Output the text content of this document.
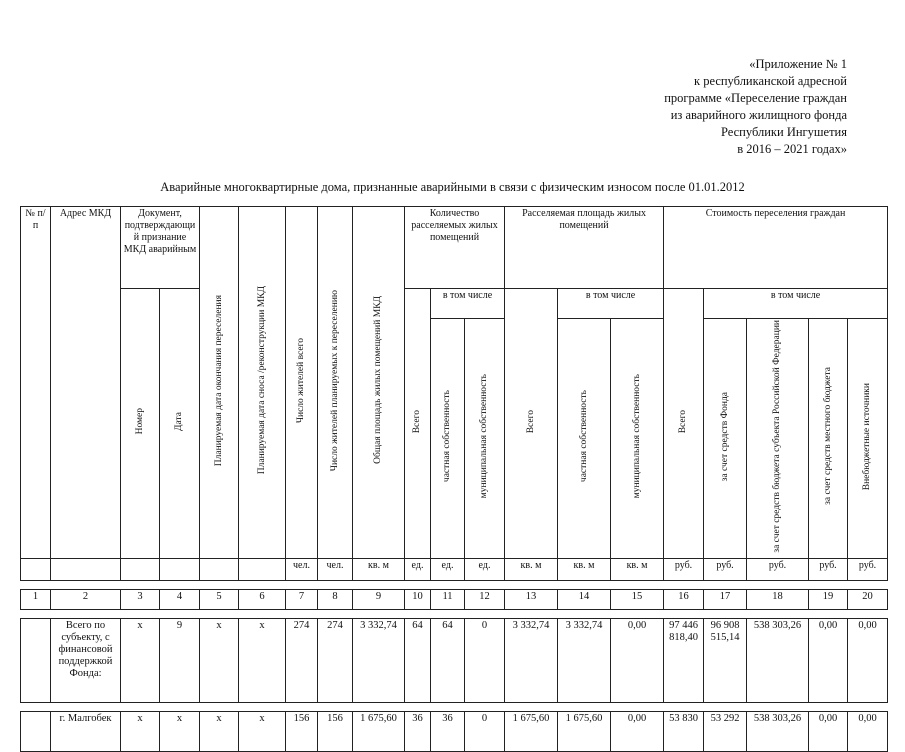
«Приложение № 1
к республиканской адресной
программе «Переселение граждан
из аварийного жилищного фонда
Республики Ингушетия
в 2016 – 2021 годах»
Аварийные многоквартирные дома, признанные аварийными в связи с физическим износом после 01.01.2012
№ п/п	Адрес МКД	Документ, подтверждающий признание МКД аварийным		Планируемая дата окончания переселения	Планируемая дата сноса /реконструкции МКД	Число жителей всего	Число жителей планируемых к переселению	Общая площадь жилых помещений МКД	Количество расселяемых жилых помещений			Расселяемая площадь жилых помещений			Стоимость переселения граждан				
		Номер	Дата						Всего	в том числе		Всего	в том числе		Всего	в том числе			
										частная собственность	муниципальная собственность		частная собственность	муниципальная собственность		за счет средств Фонда	за счет средств бюджета субъекта Российской Федерации	за счет средств местного бюджета	Внебюджетные источники
						чел.	чел.	кв. м	ед.	ед.	ед.	кв. м	кв. м	кв. м	руб.	руб.	руб.	руб.	руб.

1	2	3	4	5	6	7	8	9	10	11	12	13	14	15	16	17	18	19	20

	Всего по субъекту, с финансовой поддержкой Фонда:	х	9	х	х	274	274	3 332,74	64	64	0	3 332,74	3 332,74	0,00	97 446 818,40	96 908 515,14	538 303,26	0,00	0,00

	г. Малгобек	х	х	х	х	156	156	1 675,60	36	36	0	1 675,60	1 675,60	0,00	53 830	53 292	538 303,26	0,00	0,00
